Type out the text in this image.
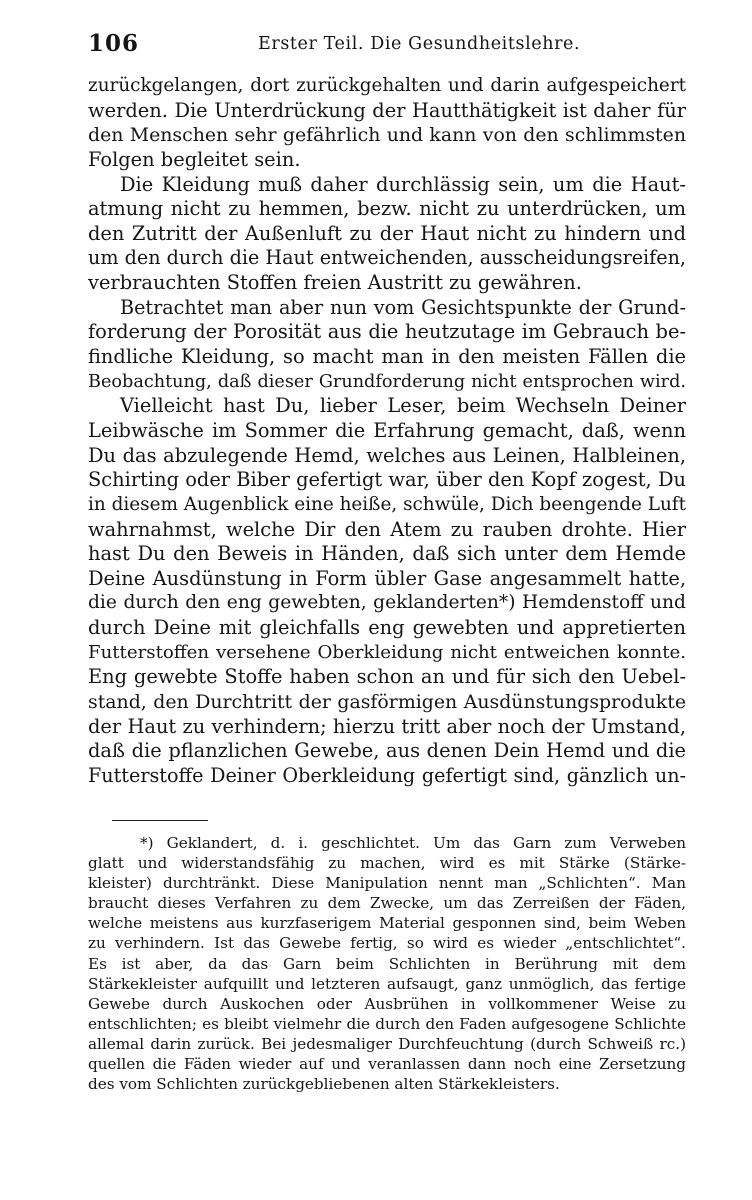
106	Erster Teil. Die Gesundheitslehre.
zurückgelangen, dort zurückgehalten und darin aufgespeichert
werden. Die Unterdrückung der Hautthätigkeit ist daher für
den Menschen sehr gefährlich und kann von den schlimmsten
Folgen begleitet sein.
Die Kleidung muß daher durchlässig sein, um die Haut-
atmung nicht zu hemmen, bezw. nicht zu unterdrücken, um
den Zutritt der Außenluft zu der Haut nicht zu hindern und
um den durch die Haut entweichenden, ausscheidungsreifen,
verbrauchten Stoffen freien Austritt zu gewähren.
Betrachtet man aber nun vom Gesichtspunkte der Grund-
forderung der Porosität aus die heutzutage im Gebrauch be-
findliche Kleidung, so macht man in den meisten Fällen die
Beobachtung, daß dieser Grundforderung nicht entsprochen wird.
Vielleicht hast Du, lieber Leser, beim Wechseln Deiner
Leibwäsche im Sommer die Erfahrung gemacht, daß, wenn
Du das abzulegende Hemd, welches aus Leinen, Halbleinen,
Schirting oder Biber gefertigt war, über den Kopf zogest, Du
in diesem Augenblick eine heiße, schwüle, Dich beengende Luft
wahrnahmst, welche Dir den Atem zu rauben drohte. Hier
hast Du den Beweis in Händen, daß sich unter dem Hemde
Deine Ausdünstung in Form übler Gase angesammelt hatte,
die durch den eng gewebten, geklanderten*) Hemdenstoff und
durch Deine mit gleichfalls eng gewebten und appretierten
Futterstoffen versehene Oberkleidung nicht entweichen konnte.
Eng gewebte Stoffe haben schon an und für sich den Uebel-
stand, den Durchtritt der gasförmigen Ausdünstungsprodukte
der Haut zu verhindern; hierzu tritt aber noch der Umstand,
daß die pflanzlichen Gewebe, aus denen Dein Hemd und die
Futterstoffe Deiner Oberkleidung gefertigt sind, gänzlich un-
*) Geklandert, d. i. geschlichtet. Um das Garn zum Verweben
glatt und widerstandsfähig zu machen, wird es mit Stärke (Stärke-
kleister) durchtränkt. Diese Manipulation nennt man „Schlichten“. Man
braucht dieses Verfahren zu dem Zwecke, um das Zerreißen der Fäden,
welche meistens aus kurzfaserigem Material gesponnen sind, beim Weben
zu verhindern. Ist das Gewebe fertig, so wird es wieder „entschlichtet“.
Es ist aber, da das Garn beim Schlichten in Berührung mit dem
Stärkekleister aufquillt und letzteren aufsaugt, ganz unmöglich, das fertige
Gewebe durch Auskochen oder Ausbrühen in vollkommener Weise zu
entschlichten; es bleibt vielmehr die durch den Faden aufgesogene Schlichte
allemal darin zurück. Bei jedesmaliger Durchfeuchtung (durch Schweiß rc.)
quellen die Fäden wieder auf und veranlassen dann noch eine Zersetzung
des vom Schlichten zurückgebliebenen alten Stärkekleisters.
